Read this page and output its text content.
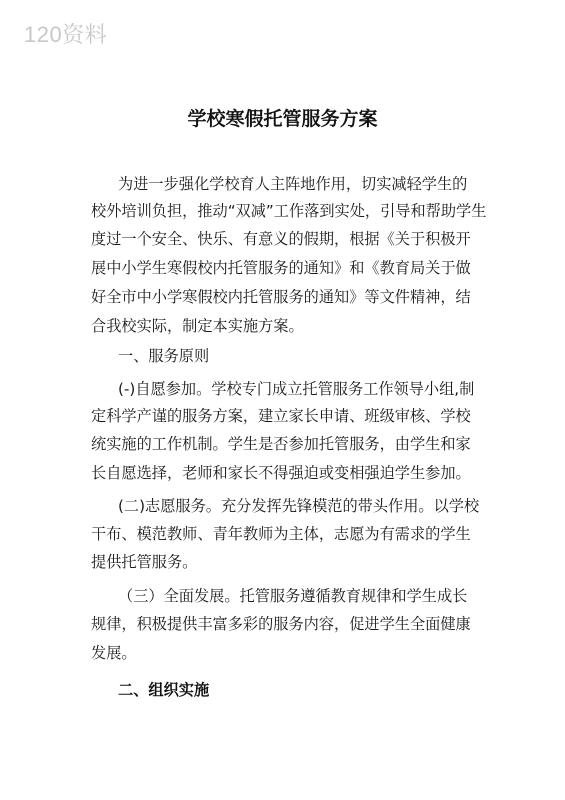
120资料
学校寒假托管服务方案
为进一步强化学校育人主阵地作用，切实减轻学生的
校外培训负担，推动“双减”工作落到实处，引导和帮助学生
度过一个安全、快乐、有意义的假期，根据《关于积极开
展中小学生寒假校内托管服务的通知》和《教育局关于做
好全市中小学寒假校内托管服务的通知》等文件精神，结
合我校实际，制定本实施方案。
一、服务原则
(-)自愿参加。学校专门成立托管服务工作领导小组,制
定科学产谨的服务方案，建立家长申请、班级审核、学校
统实施的工作机制。学生是否参加托管服务，由学生和家
长自愿选择，老师和家长不得强迫或变相强迫学生参加。
(二)志愿服务。充分发挥先锋模范的带头作用。以学校
干布、模范教师、青年教师为主体，志愿为有需求的学生
提供托管服务。
（三）全面发展。托管服务遵循教育规律和学生成长
规律，积极提供丰富多彩的服务内容，促进学生全面健康
发展。
二、组织实施
